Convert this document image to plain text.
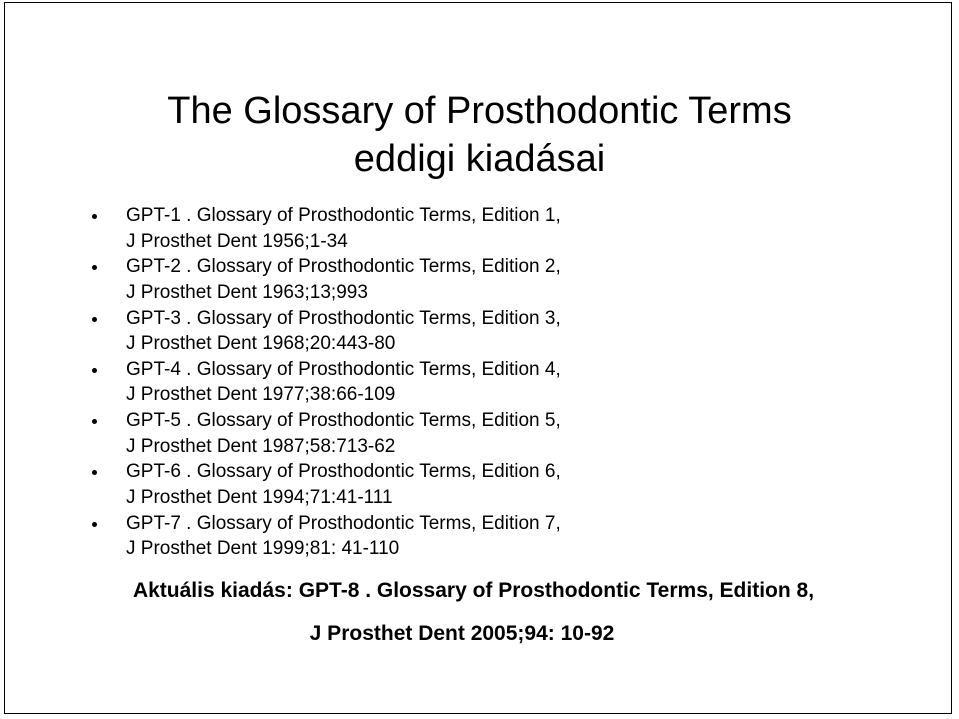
The Glossary of Prosthodontic Terms
eddigi kiadásai
GPT-1 . Glossary of Prosthodontic Terms, Edition 1,
J Prosthet Dent 1956;1-34
GPT-2 . Glossary of Prosthodontic Terms, Edition 2,
J Prosthet Dent 1963;13;993
GPT-3 . Glossary of Prosthodontic Terms, Edition 3,
J Prosthet Dent 1968;20:443-80
GPT-4 . Glossary of Prosthodontic Terms, Edition 4,
J Prosthet Dent 1977;38:66-109
GPT-5 . Glossary of Prosthodontic Terms, Edition 5,
J Prosthet Dent 1987;58:713-62
GPT-6 . Glossary of Prosthodontic Terms, Edition 6,
J Prosthet Dent 1994;71:41-111
GPT-7 . Glossary of Prosthodontic Terms, Edition 7,
J Prosthet Dent 1999;81: 41-110
Aktuális kiadás: GPT-8 . Glossary of Prosthodontic Terms, Edition 8,
J Prosthet Dent 2005;94: 10-92
